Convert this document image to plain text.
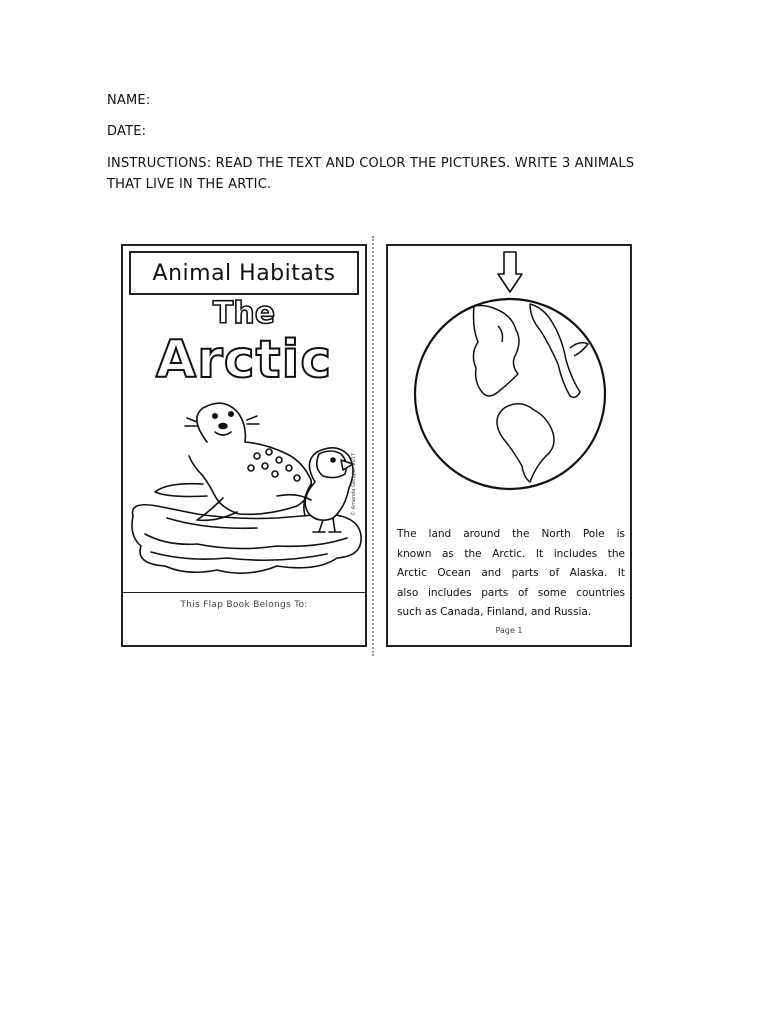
NAME:
DATE:
INSTRUCTIONS: READ THE TEXT AND COLOR THE PICTURES. WRITE 3 ANIMALS THAT LIVE IN THE ARTIC.
Animal Habitats
The
Arctic
© Amanda Genglar 2017
This Flap Book Belongs To:
The land around the North Pole is
known as the Arctic. It includes the
Arctic Ocean and parts of Alaska. It
also includes parts of some countries
such as Canada, Finland, and Russia.
Page 1
